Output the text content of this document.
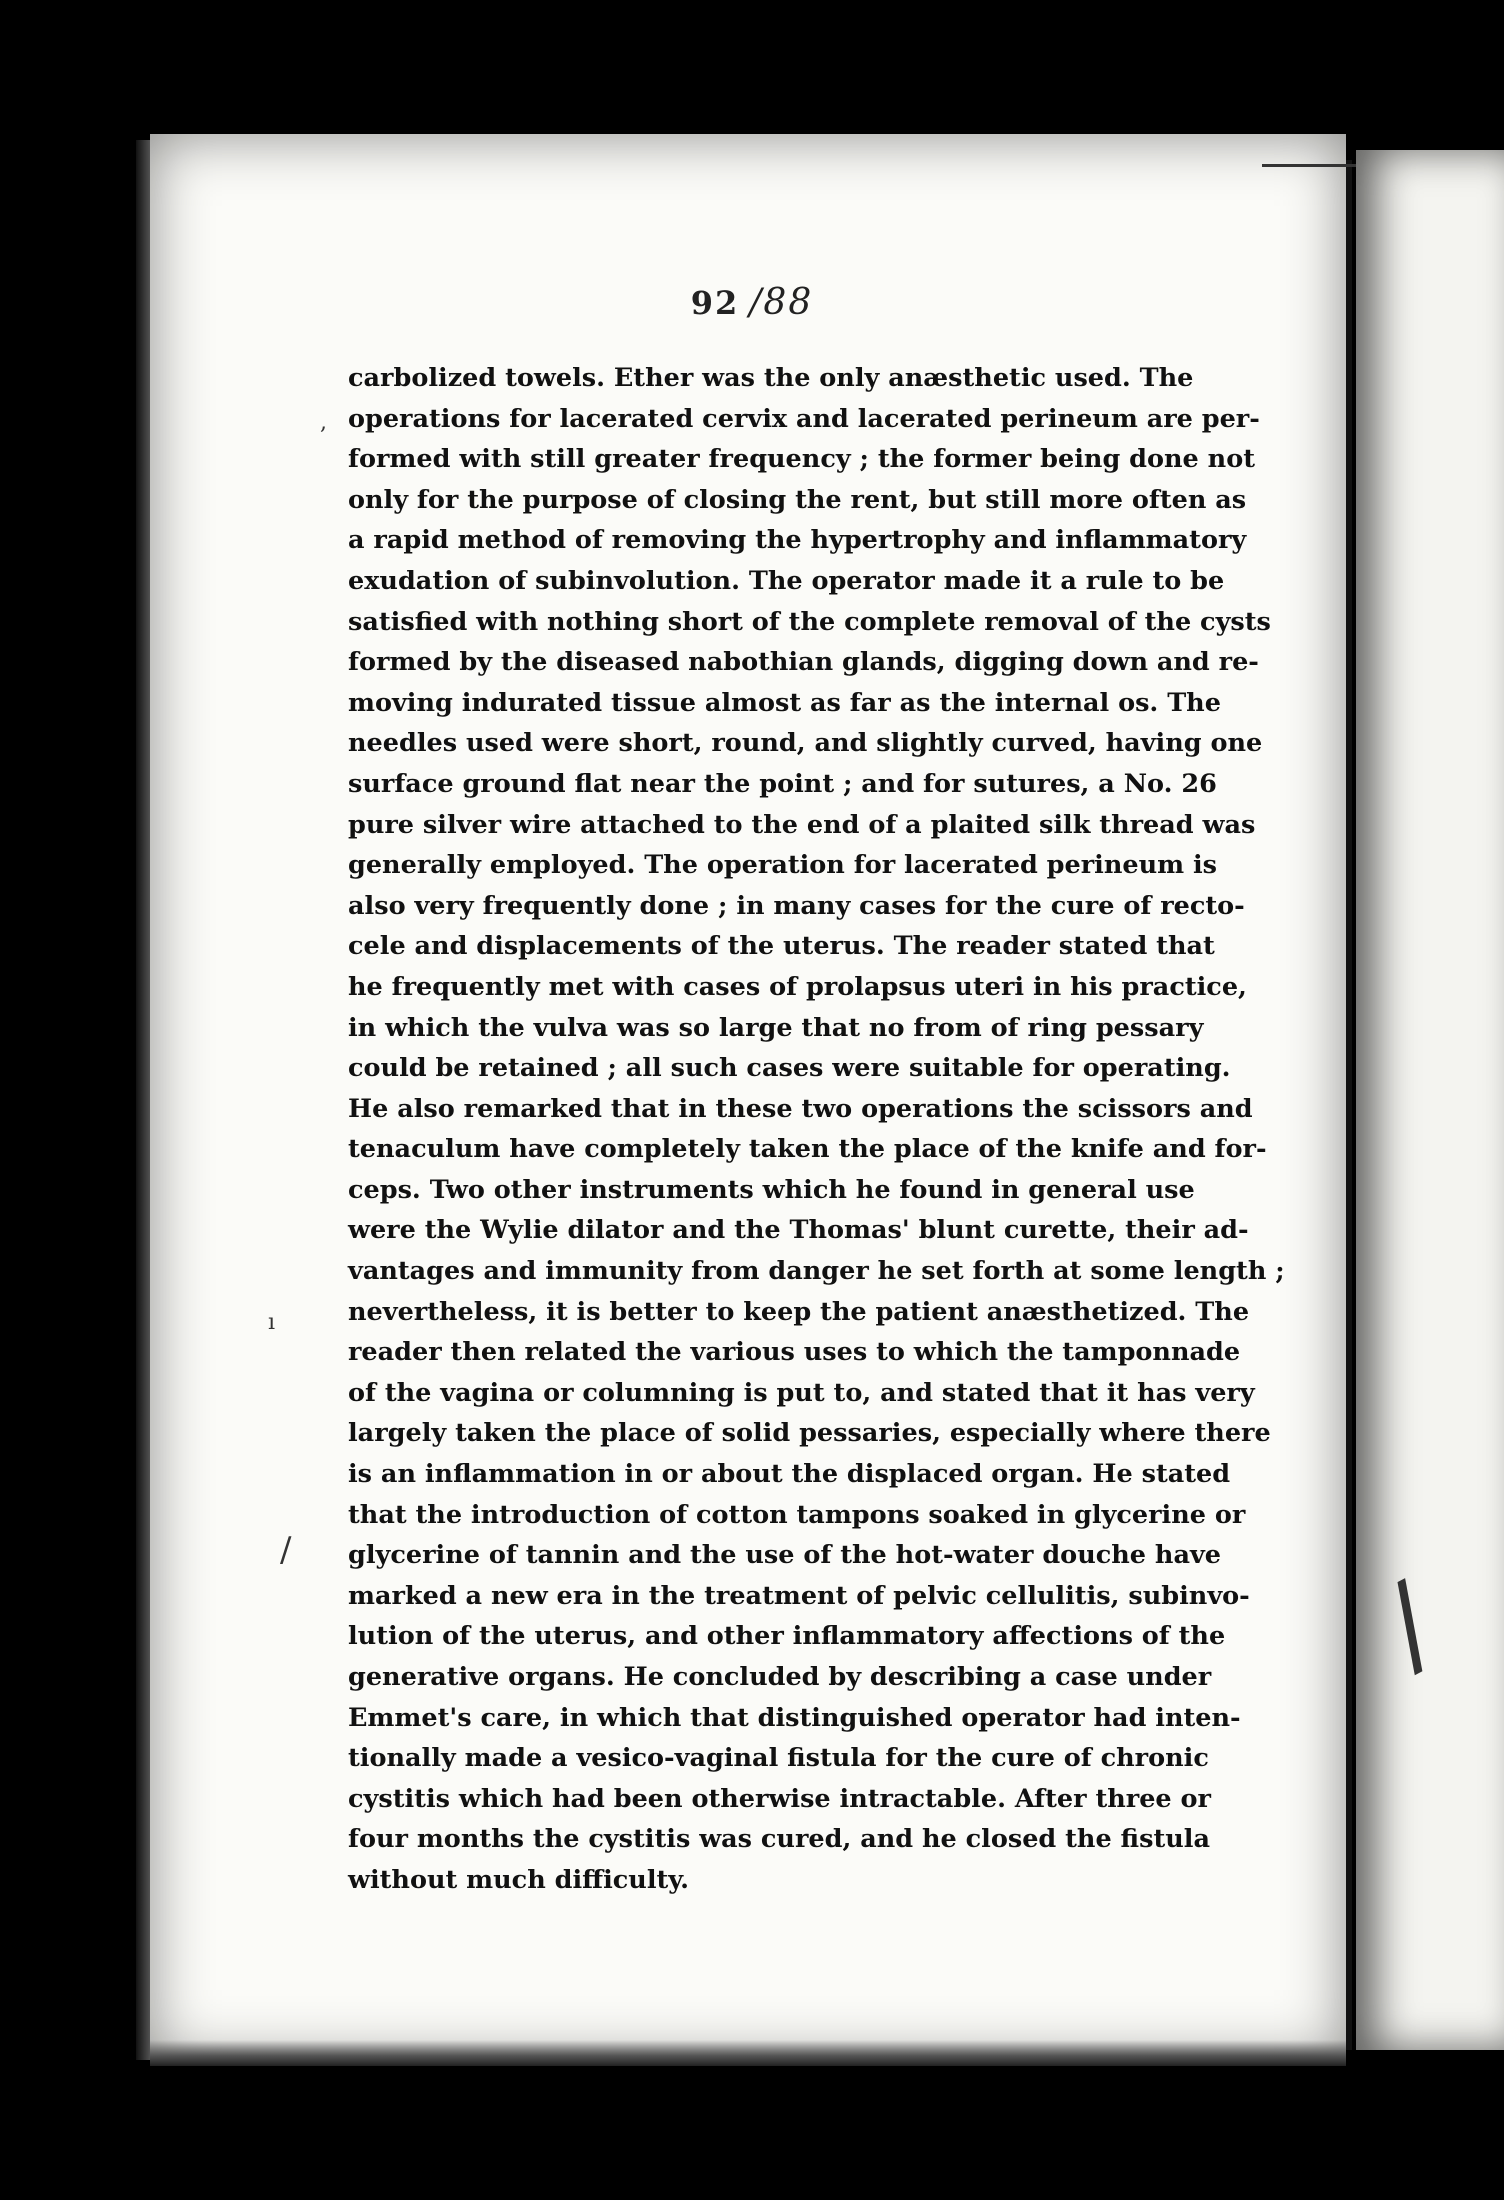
92 /88
carbolized towels. Ether was the only anæsthetic used. The
operations for lacerated cervix and lacerated perineum are per-
formed with still greater frequency ; the former being done not
only for the purpose of closing the rent, but still more often as
a rapid method of removing the hypertrophy and inflammatory
exudation of subinvolution. The operator made it a rule to be
satisfied with nothing short of the complete removal of the cysts
formed by the diseased nabothian glands, digging down and re-
moving indurated tissue almost as far as the internal os. The
needles used were short, round, and slightly curved, having one
surface ground flat near the point ; and for sutures, a No. 26
pure silver wire attached to the end of a plaited silk thread was
generally employed. The operation for lacerated perineum is
also very frequently done ; in many cases for the cure of recto-
cele and displacements of the uterus. The reader stated that
he frequently met with cases of prolapsus uteri in his practice,
in which the vulva was so large that no from of ring pessary
could be retained ; all such cases were suitable for operating.
He also remarked that in these two operations the scissors and
tenaculum have completely taken the place of the knife and for-
ceps. Two other instruments which he found in general use
were the Wylie dilator and the Thomas' blunt curette, their ad-
vantages and immunity from danger he set forth at some length ;
nevertheless, it is better to keep the patient anæsthetized. The
reader then related the various uses to which the tamponnade
of the vagina or columning is put to, and stated that it has very
largely taken the place of solid pessaries, especially where there
is an inflammation in or about the displaced organ. He stated
that the introduction of cotton tampons soaked in glycerine or
glycerine of tannin and the use of the hot-water douche have
marked a new era in the treatment of pelvic cellulitis, subinvo-
lution of the uterus, and other inflammatory affections of the
generative organs. He concluded by describing a case under
Emmet's care, in which that distinguished operator had inten-
tionally made a vesico-vaginal fistula for the cure of chronic
cystitis which had been otherwise intractable. After three or
four months the cystitis was cured, and he closed the fistula
without much difficulty.
,
ı
/
/
